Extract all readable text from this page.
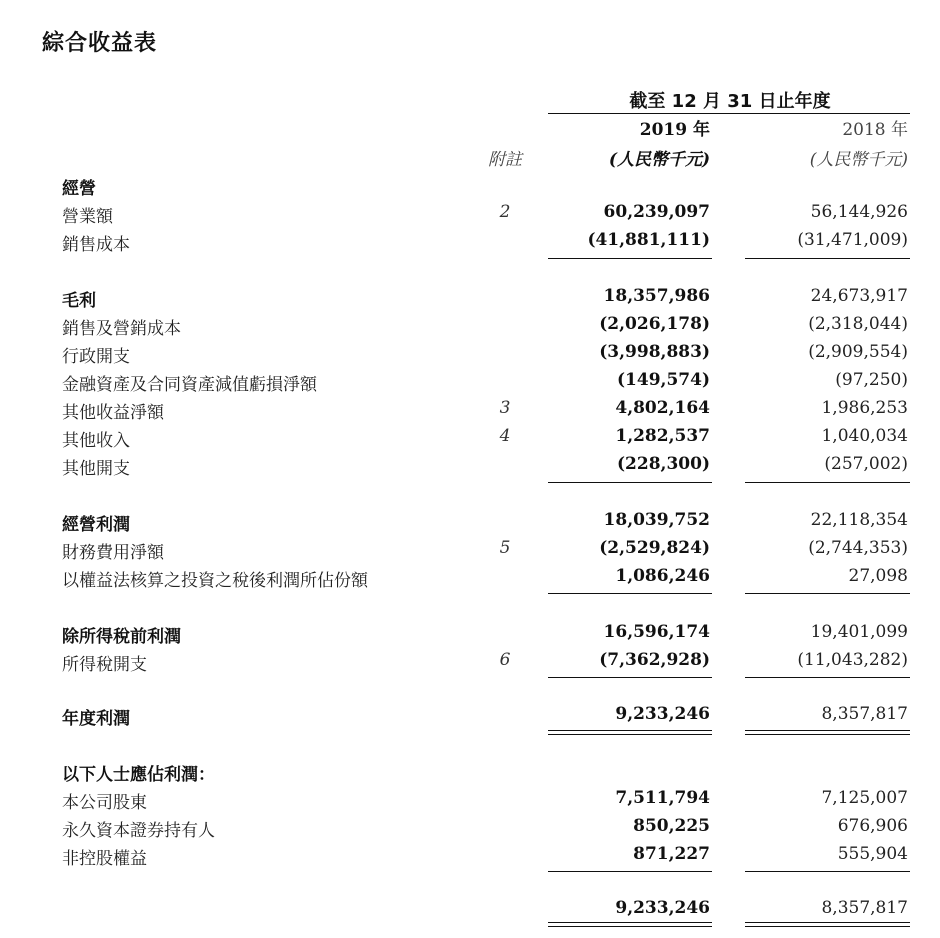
綜合收益表
截至 12 月 31 日止年度
2019 年	2018 年
附註	(人民幣千元)	(人民幣千元)
經營
營業額	2	60,239,097	56,144,926
銷售成本	(41,881,111)	(31,471,009)
毛利	18,357,986	24,673,917
銷售及營銷成本	(2,026,178)	(2,318,044)
行政開支	(3,998,883)	(2,909,554)
金融資產及合同資產減值虧損淨額	(149,574)	(97,250)
其他收益淨額	3	4,802,164	1,986,253
其他收入	4	1,282,537	1,040,034
其他開支	(228,300)	(257,002)
經營利潤	18,039,752	22,118,354
財務費用淨額	5	(2,529,824)	(2,744,353)
以權益法核算之投資之稅後利潤所佔份額	1,086,246	27,098
除所得稅前利潤	16,596,174	19,401,099
所得稅開支	6	(7,362,928)	(11,043,282)
年度利潤	9,233,246	8,357,817
以下人士應佔利潤：
本公司股東	7,511,794	7,125,007
永久資本證券持有人	850,225	676,906
非控股權益	871,227	555,904
9,233,246	8,357,817
